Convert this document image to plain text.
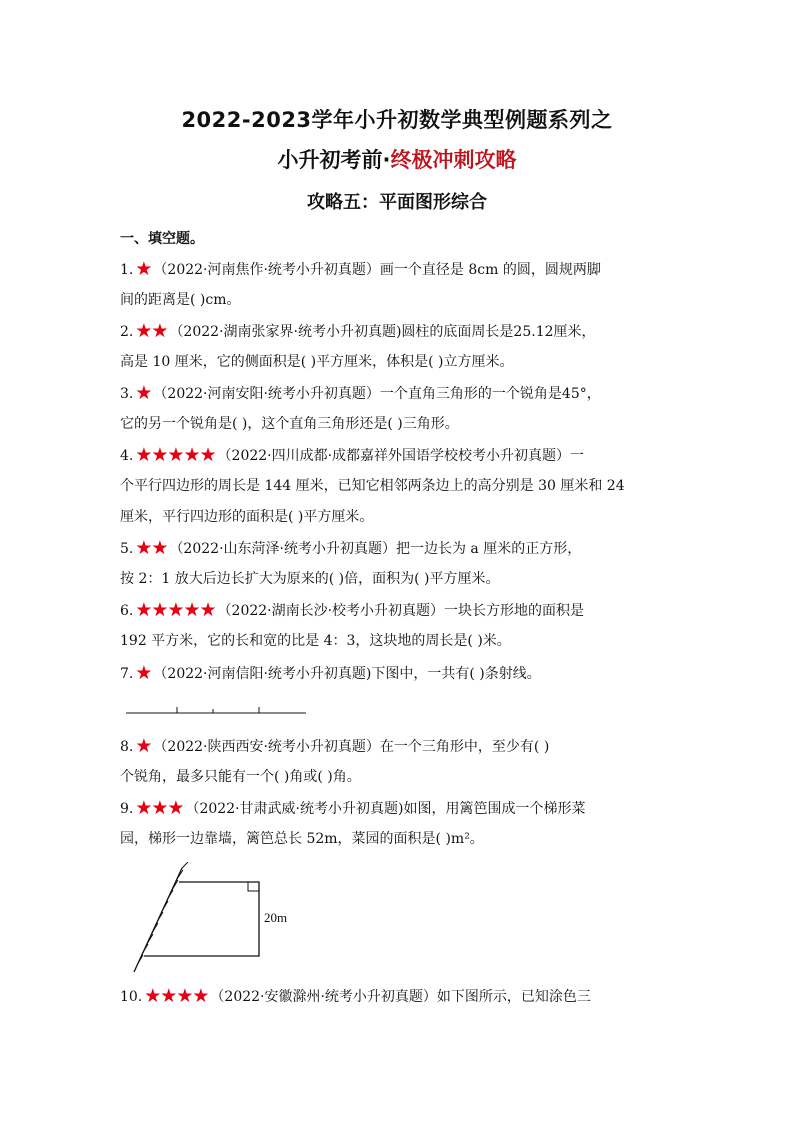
2022-2023学年小升初数学典型例题系列之
小升初考前·终极冲刺攻略
攻略五：平面图形综合
一、填空题。
1. ★ （2022·河南焦作·统考小升初真题）画一个直径是 8cm 的圆，圆规两脚
间的距离是( )cm。
2. ★★ （2022·湖南张家界·统考小升初真题)圆柱的底面周长是25.12厘米，
高是 10 厘米，它的侧面积是( )平方厘米，体积是( )立方厘米。
3. ★ （2022·河南安阳·统考小升初真题）一个直角三角形的一个锐角是45°，
它的另一个锐角是( )，这个直角三角形还是( )三角形。
4. ★★★★★ （2022·四川成都·成都嘉祥外国语学校校考小升初真题）一
个平行四边形的周长是 144 厘米，已知它相邻两条边上的高分别是 30 厘米和 24
厘米，平行四边形的面积是( )平方厘米。
5. ★★ （2022·山东菏泽·统考小升初真题）把一边长为 a 厘米的正方形，
按 2：1 放大后边长扩大为原来的( )倍，面积为( )平方厘米。
6. ★★★★★ （2022·湖南长沙·校考小升初真题）一块长方形地的面积是
192 平方米，它的长和宽的比是 4：3，这块地的周长是( )米。
7. ★ （2022·河南信阳·统考小升初真题)下图中，一共有( )条射线。
8. ★ （2022·陕西西安·统考小升初真题）在一个三角形中，至少有( )
个锐角，最多只能有一个( )角或( )角。
9. ★★★ （2022·甘肃武威·统考小升初真题)如图，用篱笆围成一个梯形菜
园，梯形一边靠墙，篱笆总长 52m，菜园的面积是( )m²。
20m
10. ★★★★ （2022·安徽滁州·统考小升初真题）如下图所示，已知涂色三
